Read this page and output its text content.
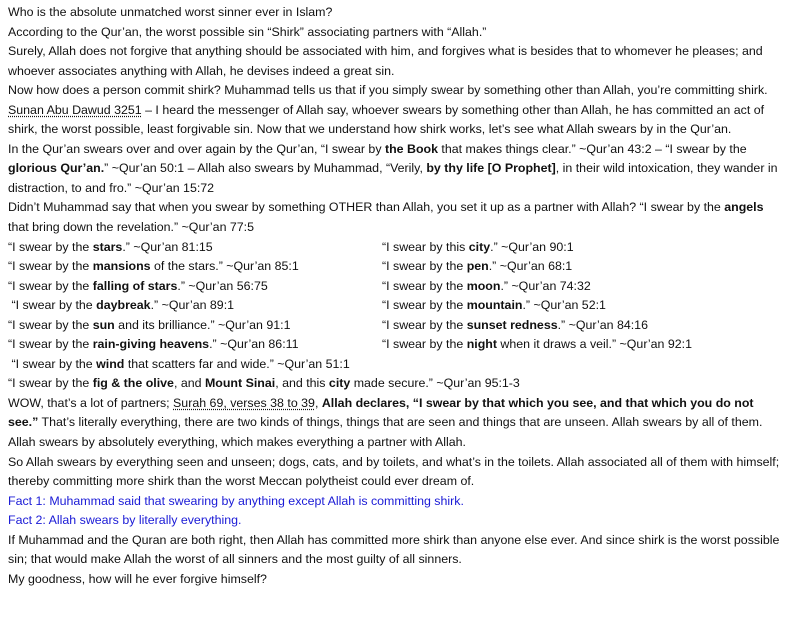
Who is the absolute unmatched worst sinner ever in Islam?

According to the Qur’an, the worst possible sin “Shirk” associating partners with “Allah.”

Surely, Allah does not forgive that anything should be associated with him, and forgives what is besides that to whomever he pleases; and whoever associates anything with Allah, he devises indeed a great sin.

Now how does a person commit shirk? Muhammad tells us that if you simply swear by something other than Allah, you’re committing shirk. Sunan Abu Dawud 3251 – I heard the messenger of Allah say, whoever swears by something other than Allah, he has committed an act of shirk, the worst possible, least forgivable sin. Now that we understand how shirk works, let’s see what Allah swears by in the Qur’an.

In the Qur’an swears over and over again by the Qur’an, “I swear by the Book that makes things clear.” ~Qur’an 43:2 – “I swear by the glorious Qur’an.” ~Qur’an 50:1 – Allah also swears by Muhammad, “Verily, by thy life [O Prophet], in their wild intoxication, they wander in distraction, to and fro.” ~Qur’an 15:72

Didn’t Muhammad say that when you swear by something OTHER than Allah, you set it up as a partner with Allah? “I swear by the angels that bring down the revelation.” ~Qur’an 77:5

“I swear by the stars.” ~Qur’an 81:15	“I swear by this city.” ~Qur’an 90:1
“I swear by the mansions of the stars.” ~Qur’an 85:1	“I swear by the pen.” ~Qur’an 68:1
“I swear by the falling of stars.” ~Qur’an 56:75	“I swear by the moon.” ~Qur’an 74:32
“I swear by the daybreak.” ~Qur’an 89:1	“I swear by the mountain.” ~Qur’an 52:1
“I swear by the sun and its brilliance.” ~Qur’an 91:1	“I swear by the sunset redness.” ~Qur’an 84:16
“I swear by the rain-giving heavens.” ~Qur’an 86:11	“I swear by the night when it draws a veil.” ~Qur’an 92:1

“I swear by the wind that scatters far and wide.” ~Qur’an 51:1

“I swear by the fig & the olive, and Mount Sinai, and this city made secure.” ~Qur’an 95:1-3

WOW, that’s a lot of partners; Surah 69, verses 38 to 39, Allah declares, “I swear by that which you see, and that which you do not see.” That’s literally everything, there are two kinds of things, things that are seen and things that are unseen. Allah swears by all of them. Allah swears by absolutely everything, which makes everything a partner with Allah.

So Allah swears by everything seen and unseen; dogs, cats, and by toilets, and what’s in the toilets. Allah associated all of them with himself; thereby committing more shirk than the worst Meccan polytheist could ever dream of.

Fact 1: Muhammad said that swearing by anything except Allah is committing shirk.

Fact 2: Allah swears by literally everything.

If Muhammad and the Quran are both right, then Allah has committed more shirk than anyone else ever. And since shirk is the worst possible sin; that would make Allah the worst of all sinners and the most guilty of all sinners.

My goodness, how will he ever forgive himself?
